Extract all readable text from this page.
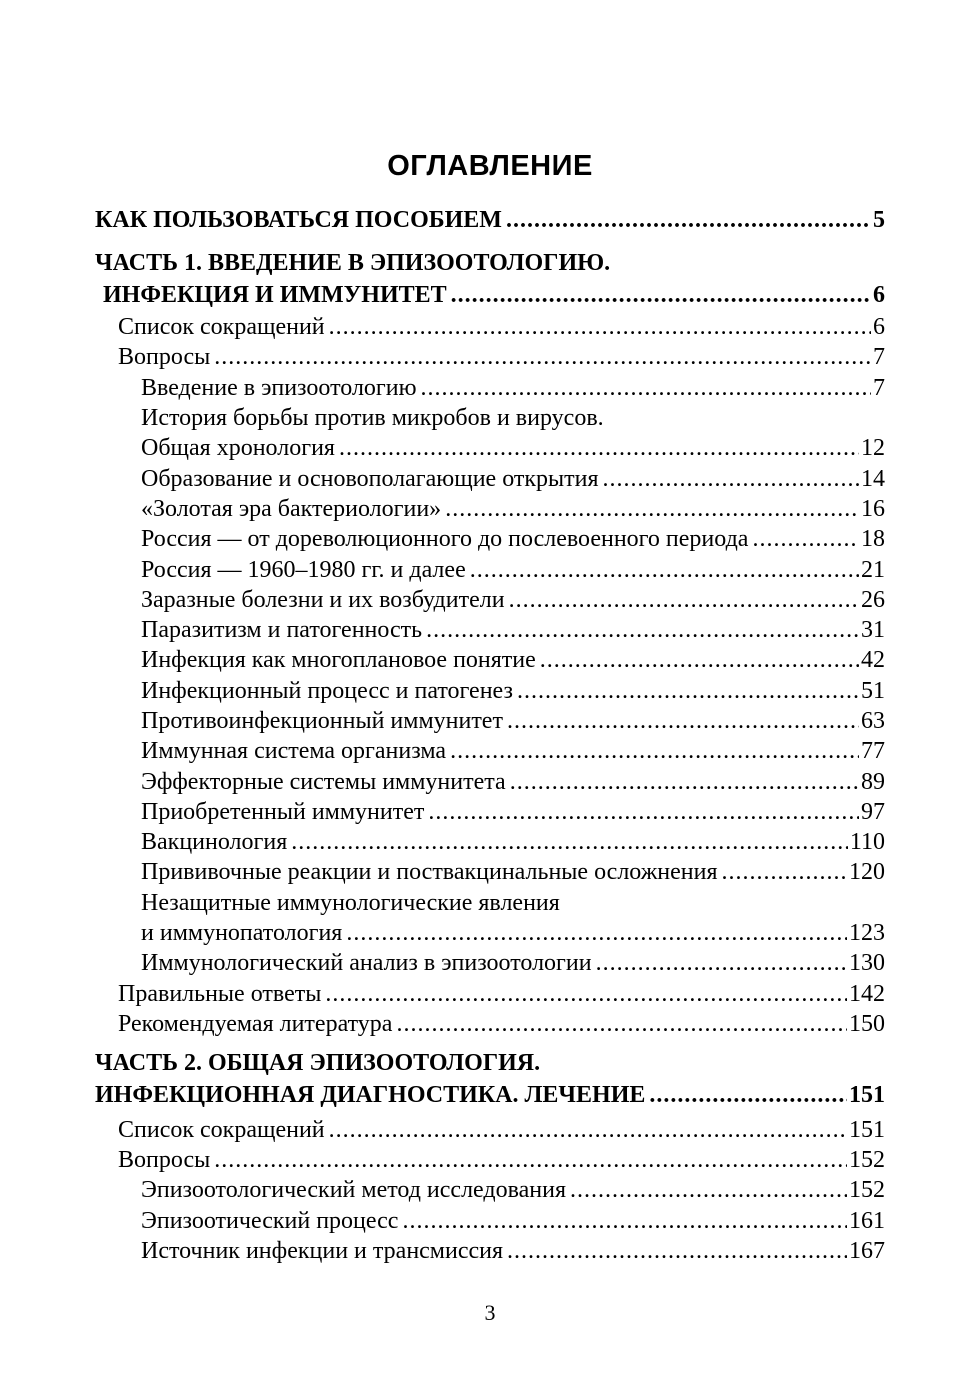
ОГЛАВЛЕНИЕ
КАК ПОЛЬЗОВАТЬСЯ ПОСОБИЕМ .....	5
ЧАСТЬ 1. ВВЕДЕНИЕ В ЭПИЗООТОЛОГИЮ.
ИНФЕКЦИЯ И ИММУНИТЕТ .....	6
Список сокращений .....	6
Вопросы .....	7
Введение в эпизоотологию .....	7
История борьбы против микробов и вирусов.
Общая хронология .....	12
Образование и основополагающие открытия .....	14
«Золотая эра бактериологии» .....	16
Россия — от дореволюционного до послевоенного периода .....	18
Россия — 1960–1980 гг. и далее .....	21
Заразные болезни и их возбудители .....	26
Паразитизм и патогенность .....	31
Инфекция как многоплановое понятие .....	42
Инфекционный процесс и патогенез .....	51
Противоинфекционный иммунитет .....	63
Иммунная система организма .....	77
Эффекторные системы иммунитета .....	89
Приобретенный иммунитет .....	97
Вакцинология .....	110
Прививочные реакции и поствакцинальные осложнения .....	120
Незащитные иммунологические явления
и иммунопатология .....	123
Иммунологический анализ в эпизоотологии .....	130
Правильные ответы .....	142
Рекомендуемая литература .....	150
ЧАСТЬ 2. ОБЩАЯ ЭПИЗООТОЛОГИЯ.
ИНФЕКЦИОННАЯ ДИАГНОСТИКА. ЛЕЧЕНИЕ .....	151
Список сокращений .....	151
Вопросы .....	152
Эпизоотологический метод исследования .....	152
Эпизоотический процесс .....	161
Источник инфекции и трансмиссия .....	167
3
